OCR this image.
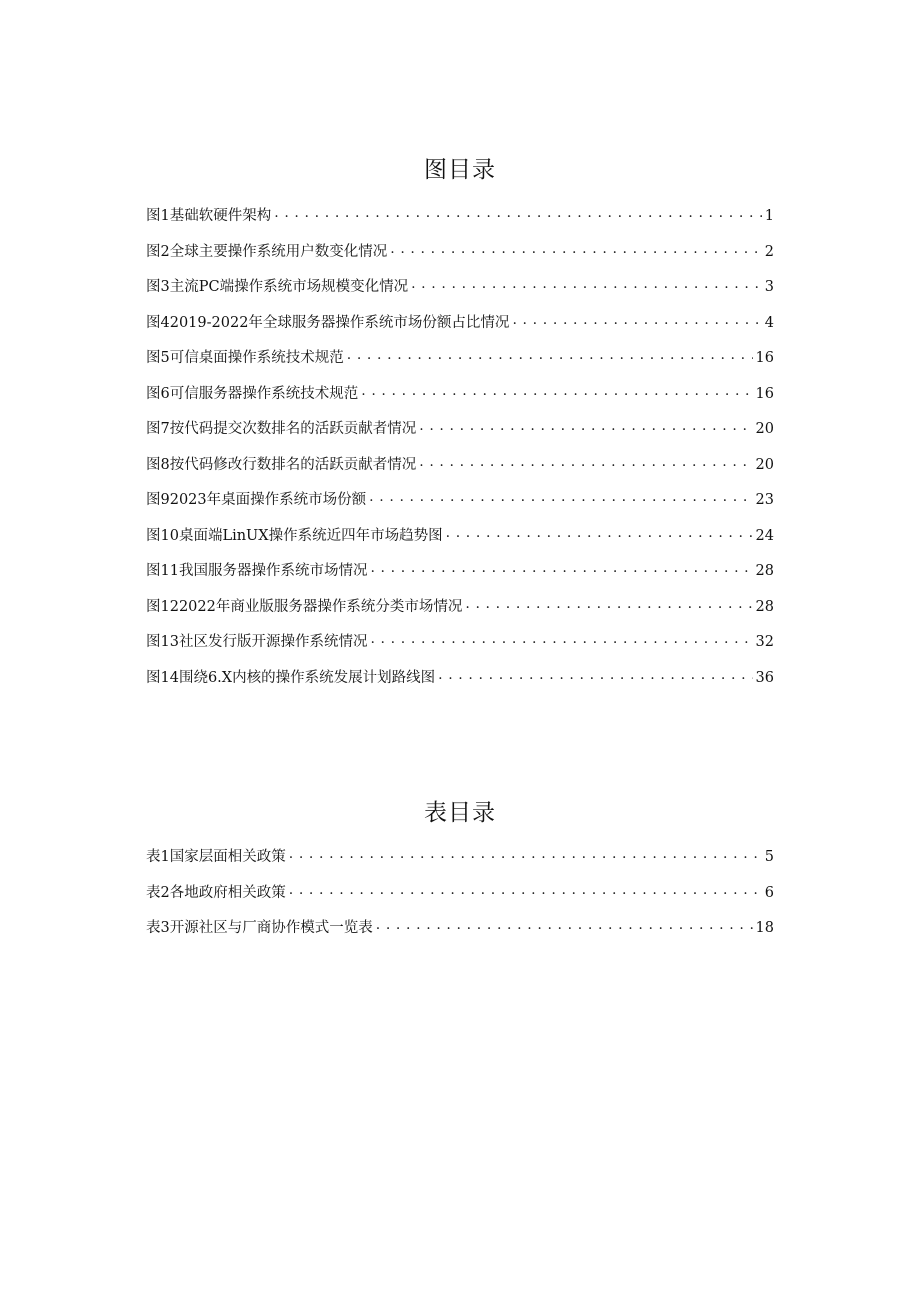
图目录
图1基础软硬件架构 . . .	1
图2全球主要操作系统用户数变化情况 . . .	2
图3主流PC端操作系统市场规模变化情况 . . .	3
图42019-2022年全球服务器操作系统市场份额占比情况 . . .	4
图5可信桌面操作系统技术规范 . . .	16
图6可信服务器操作系统技术规范 . . .	16
图7按代码提交次数排名的活跃贡献者情况 . . .	20
图8按代码修改行数排名的活跃贡献者情况 . . .	20
图92023年桌面操作系统市场份额 . . .	23
图10桌面端LinUX操作系统近四年市场趋势图 . . .	24
图11我国服务器操作系统市场情况 . . .	28
图122022年商业版服务器操作系统分类市场情况 . . .	28
图13社区发行版开源操作系统情况 . . .	32
图14围绕6.X内核的操作系统发展计划路线图 . . .	36
表目录
表1国家层面相关政策 . . .	5
表2各地政府相关政策 . . .	6
表3开源社区与厂商协作模式一览表 . . .	18
